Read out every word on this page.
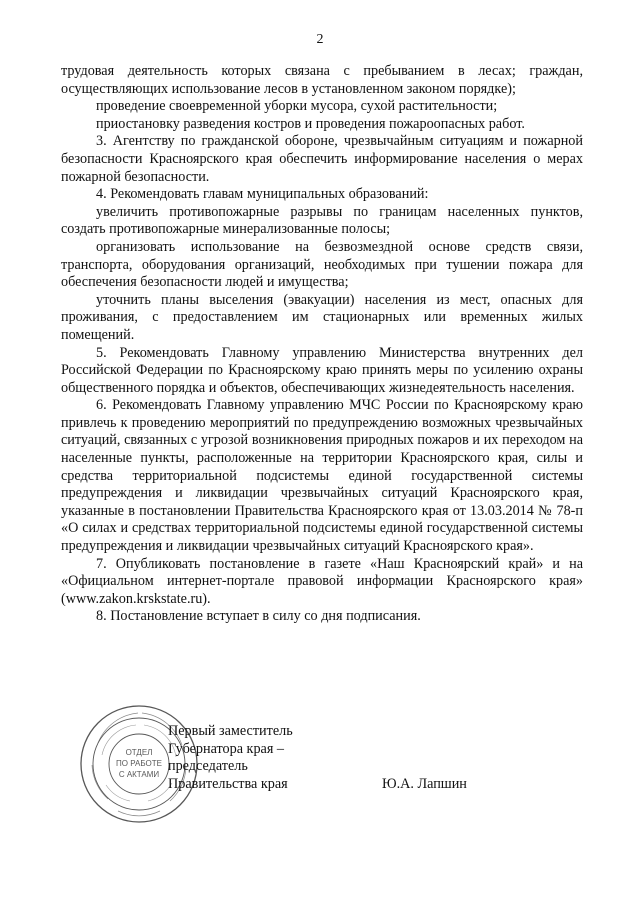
2

трудовая деятельность которых связана с пребыванием в лесах; граждан, осуществляющих использование лесов в установленном законом порядке);

проведение своевременной уборки мусора, сухой растительности;

приостановку разведения костров и проведения пожароопасных работ.

3. Агентству по гражданской обороне, чрезвычайным ситуациям и пожарной безопасности Красноярского края обеспечить информирование населения о мерах пожарной безопасности.

4. Рекомендовать главам муниципальных образований:

увеличить противопожарные разрывы по границам населенных пунктов, создать противопожарные минерализованные полосы;

организовать использование на безвозмездной основе средств связи, транспорта, оборудования организаций, необходимых при тушении пожара для обеспечения безопасности людей и имущества;

уточнить планы выселения (эвакуации) населения из мест, опасных для проживания, с предоставлением им стационарных или временных жилых помещений.

5. Рекомендовать Главному управлению Министерства внутренних дел Российской Федерации по Красноярскому краю принять меры по усилению охраны общественного порядка и объектов, обеспечивающих жизнедеятельность населения.

6. Рекомендовать Главному управлению МЧС России по Красноярскому краю привлечь к проведению мероприятий по предупреждению возможных чрезвычайных ситуаций, связанных с угрозой возникновения природных пожаров и их переходом на населенные пункты, расположенные на территории Красноярского края, силы и средства территориальной подсистемы единой государственной системы предупреждения и ликвидации чрезвычайных ситуаций Красноярского края, указанные в постановлении Правительства Красноярского края от 13.03.2014 № 78-п «О силах и средствах территориальной подсистемы единой государственной системы предупреждения и ликвидации чрезвычайных ситуаций Красноярского края».

7. Опубликовать постановление в газете «Наш Красноярский край» и на «Официальном интернет-портале правовой информации Красноярского края» (www.zakon.krskstate.ru).

8. Постановление вступает в силу со дня подписания.

ОТДЕЛ
ПО РАБОТЕ
С АКТАМИ
Первый заместитель
Губернатора края –
председатель
Правительства края	Ю.А. Лапшин
